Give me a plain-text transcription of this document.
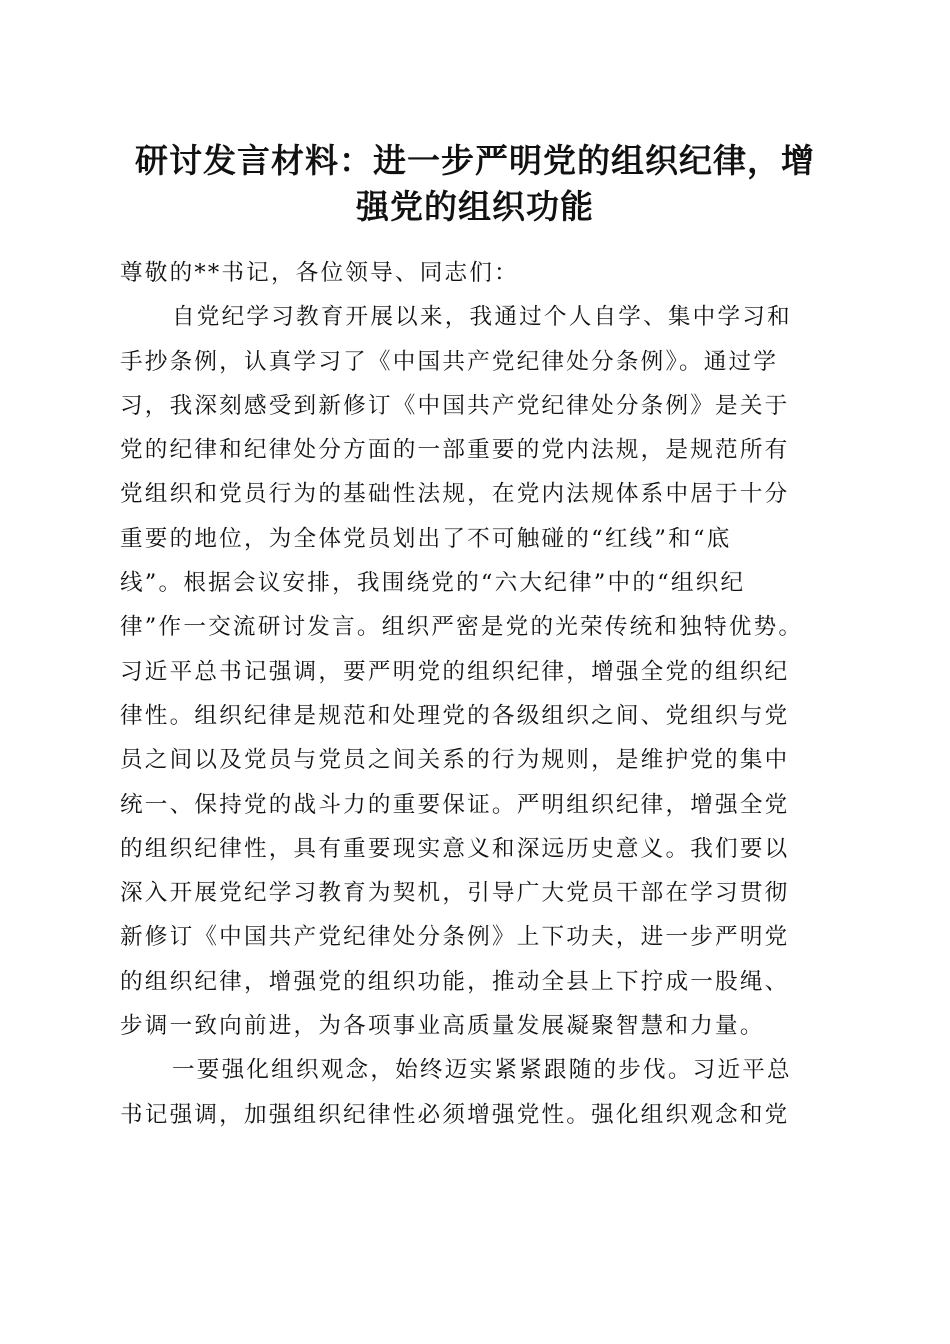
研讨发言材料：进一步严明党的组织纪律，增
强党的组织功能

尊敬的**书记，各位领导、同志们：

自党纪学习教育开展以来，我通过个人自学、集中学习和
手抄条例，认真学习了《中国共产党纪律处分条例》。通过学
习，我深刻感受到新修订《中国共产党纪律处分条例》是关于
党的纪律和纪律处分方面的一部重要的党内法规，是规范所有
党组织和党员行为的基础性法规，在党内法规体系中居于十分
重要的地位，为全体党员划出了不可触碰的“红线”和“底
线”。根据会议安排，我围绕党的“六大纪律”中的“组织纪
律”作一交流研讨发言。组织严密是党的光荣传统和独特优势。
习近平总书记强调，要严明党的组织纪律，增强全党的组织纪
律性。组织纪律是规范和处理党的各级组织之间、党组织与党
员之间以及党员与党员之间关系的行为规则，是维护党的集中
统一、保持党的战斗力的重要保证。严明组织纪律，增强全党
的组织纪律性，具有重要现实意义和深远历史意义。我们要以
深入开展党纪学习教育为契机，引导广大党员干部在学习贯彻
新修订《中国共产党纪律处分条例》上下功夫，进一步严明党
的组织纪律，增强党的组织功能，推动全县上下拧成一股绳、
步调一致向前进，为各项事业高质量发展凝聚智慧和力量。
一要强化组织观念，始终迈实紧紧跟随的步伐。习近平总
书记强调，加强组织纪律性必须增强党性。强化组织观念和党
